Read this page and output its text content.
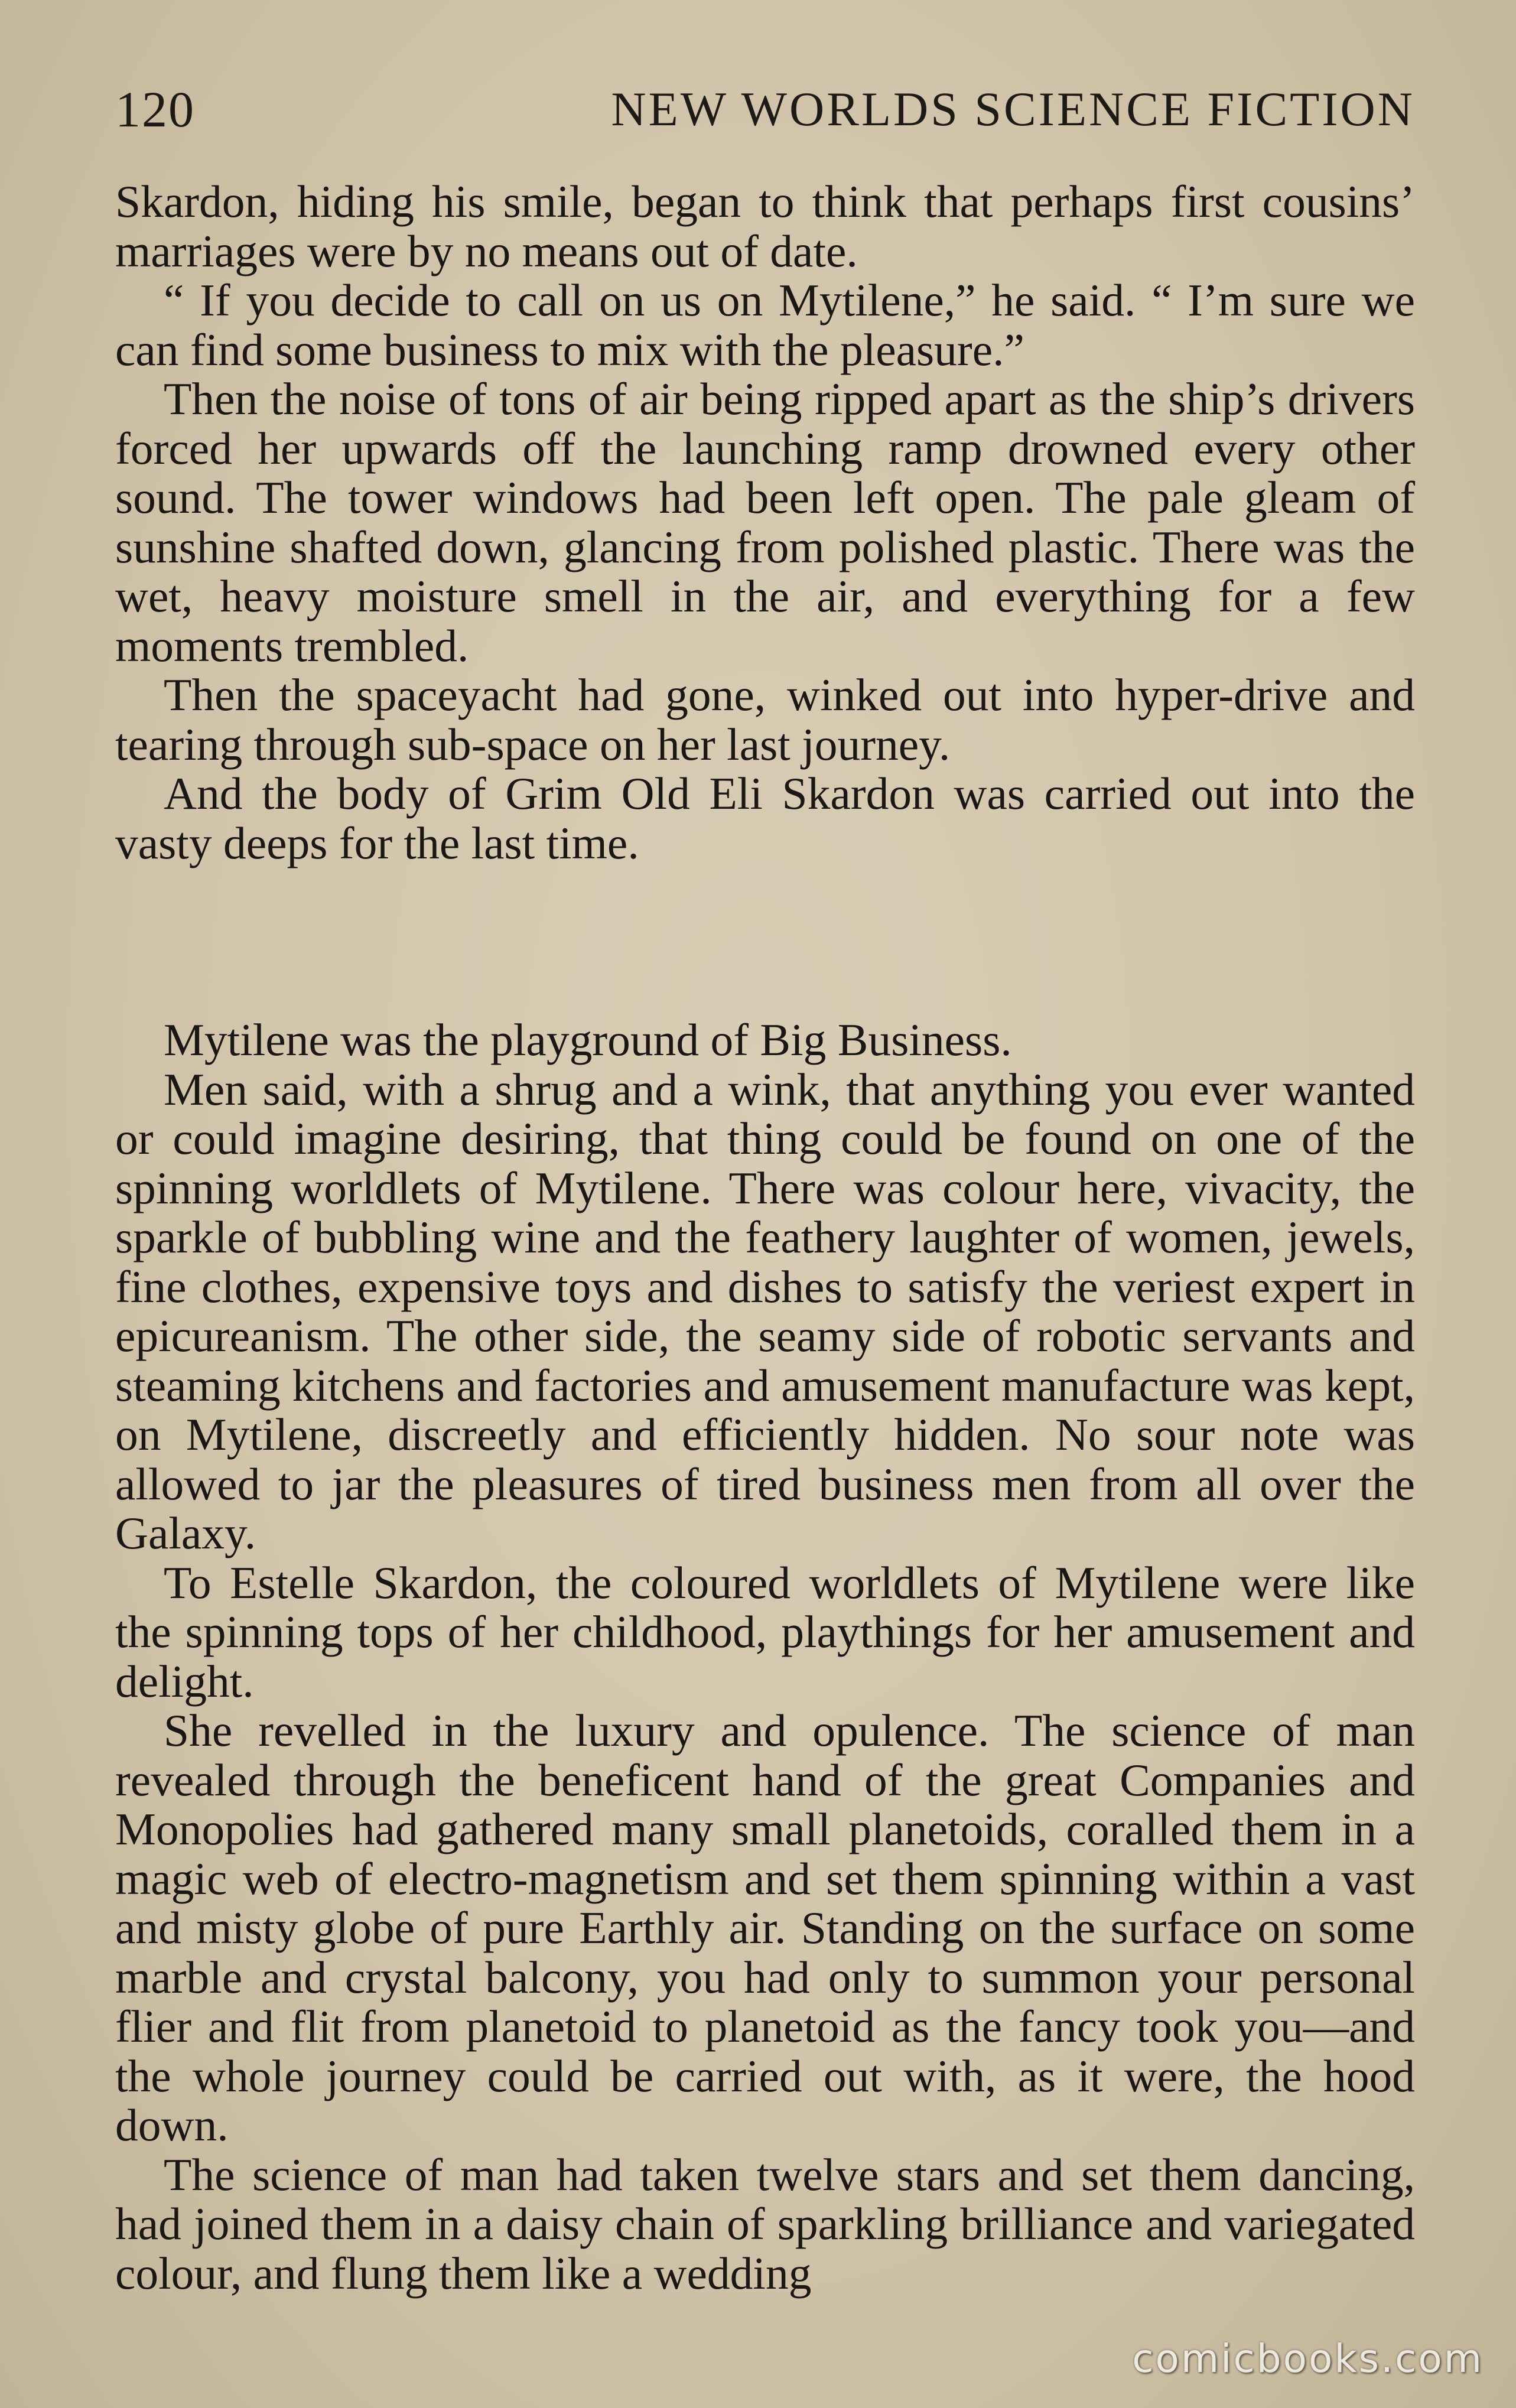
120	NEW WORLDS SCIENCE FICTION

Skardon, hiding his smile, began to think that perhaps first cousins’ marriages were by no means out of date.

“ If you decide to call on us on Mytilene,” he said. “ I’m sure we can find some business to mix with the pleasure.”

Then the noise of tons of air being ripped apart as the ship’s drivers forced her upwards off the launching ramp drowned every other sound. The tower windows had been left open. The pale gleam of sunshine shafted down, glancing from polished plastic. There was the wet, heavy moisture smell in the air, and everything for a few moments trembled.

Then the spaceyacht had gone, winked out into hyper-drive and tearing through sub-space on her last journey.

And the body of Grim Old Eli Skardon was carried out into the vasty deeps for the last time.

Mytilene was the playground of Big Business.

Men said, with a shrug and a wink, that anything you ever wanted or could imagine desiring, that thing could be found on one of the spinning worldlets of Mytilene. There was colour here, vivacity, the sparkle of bubbling wine and the feathery laughter of women, jewels, fine clothes, expensive toys and dishes to satisfy the veriest expert in epicureanism. The other side, the seamy side of robotic servants and steaming kitchens and factories and amusement manufacture was kept, on Mytilene, discreetly and efficiently hidden. No sour note was allowed to jar the pleasures of tired business men from all over the Galaxy.

To Estelle Skardon, the coloured worldlets of Mytilene were like the spinning tops of her childhood, playthings for her amusement and delight.

She revelled in the luxury and opulence. The science of man revealed through the beneficent hand of the great Companies and Monopolies had gathered many small planetoids, coralled them in a magic web of electro-magnetism and set them spinning within a vast and misty globe of pure Earthly air. Standing on the surface on some marble and crystal balcony, you had only to summon your personal flier and flit from planetoid to planetoid as the fancy took you—and the whole journey could be carried out with, as it were, the hood down.

The science of man had taken twelve stars and set them dancing, had joined them in a daisy chain of sparkling brilliance and variegated colour, and flung them like a wedding

comicbooks.com
